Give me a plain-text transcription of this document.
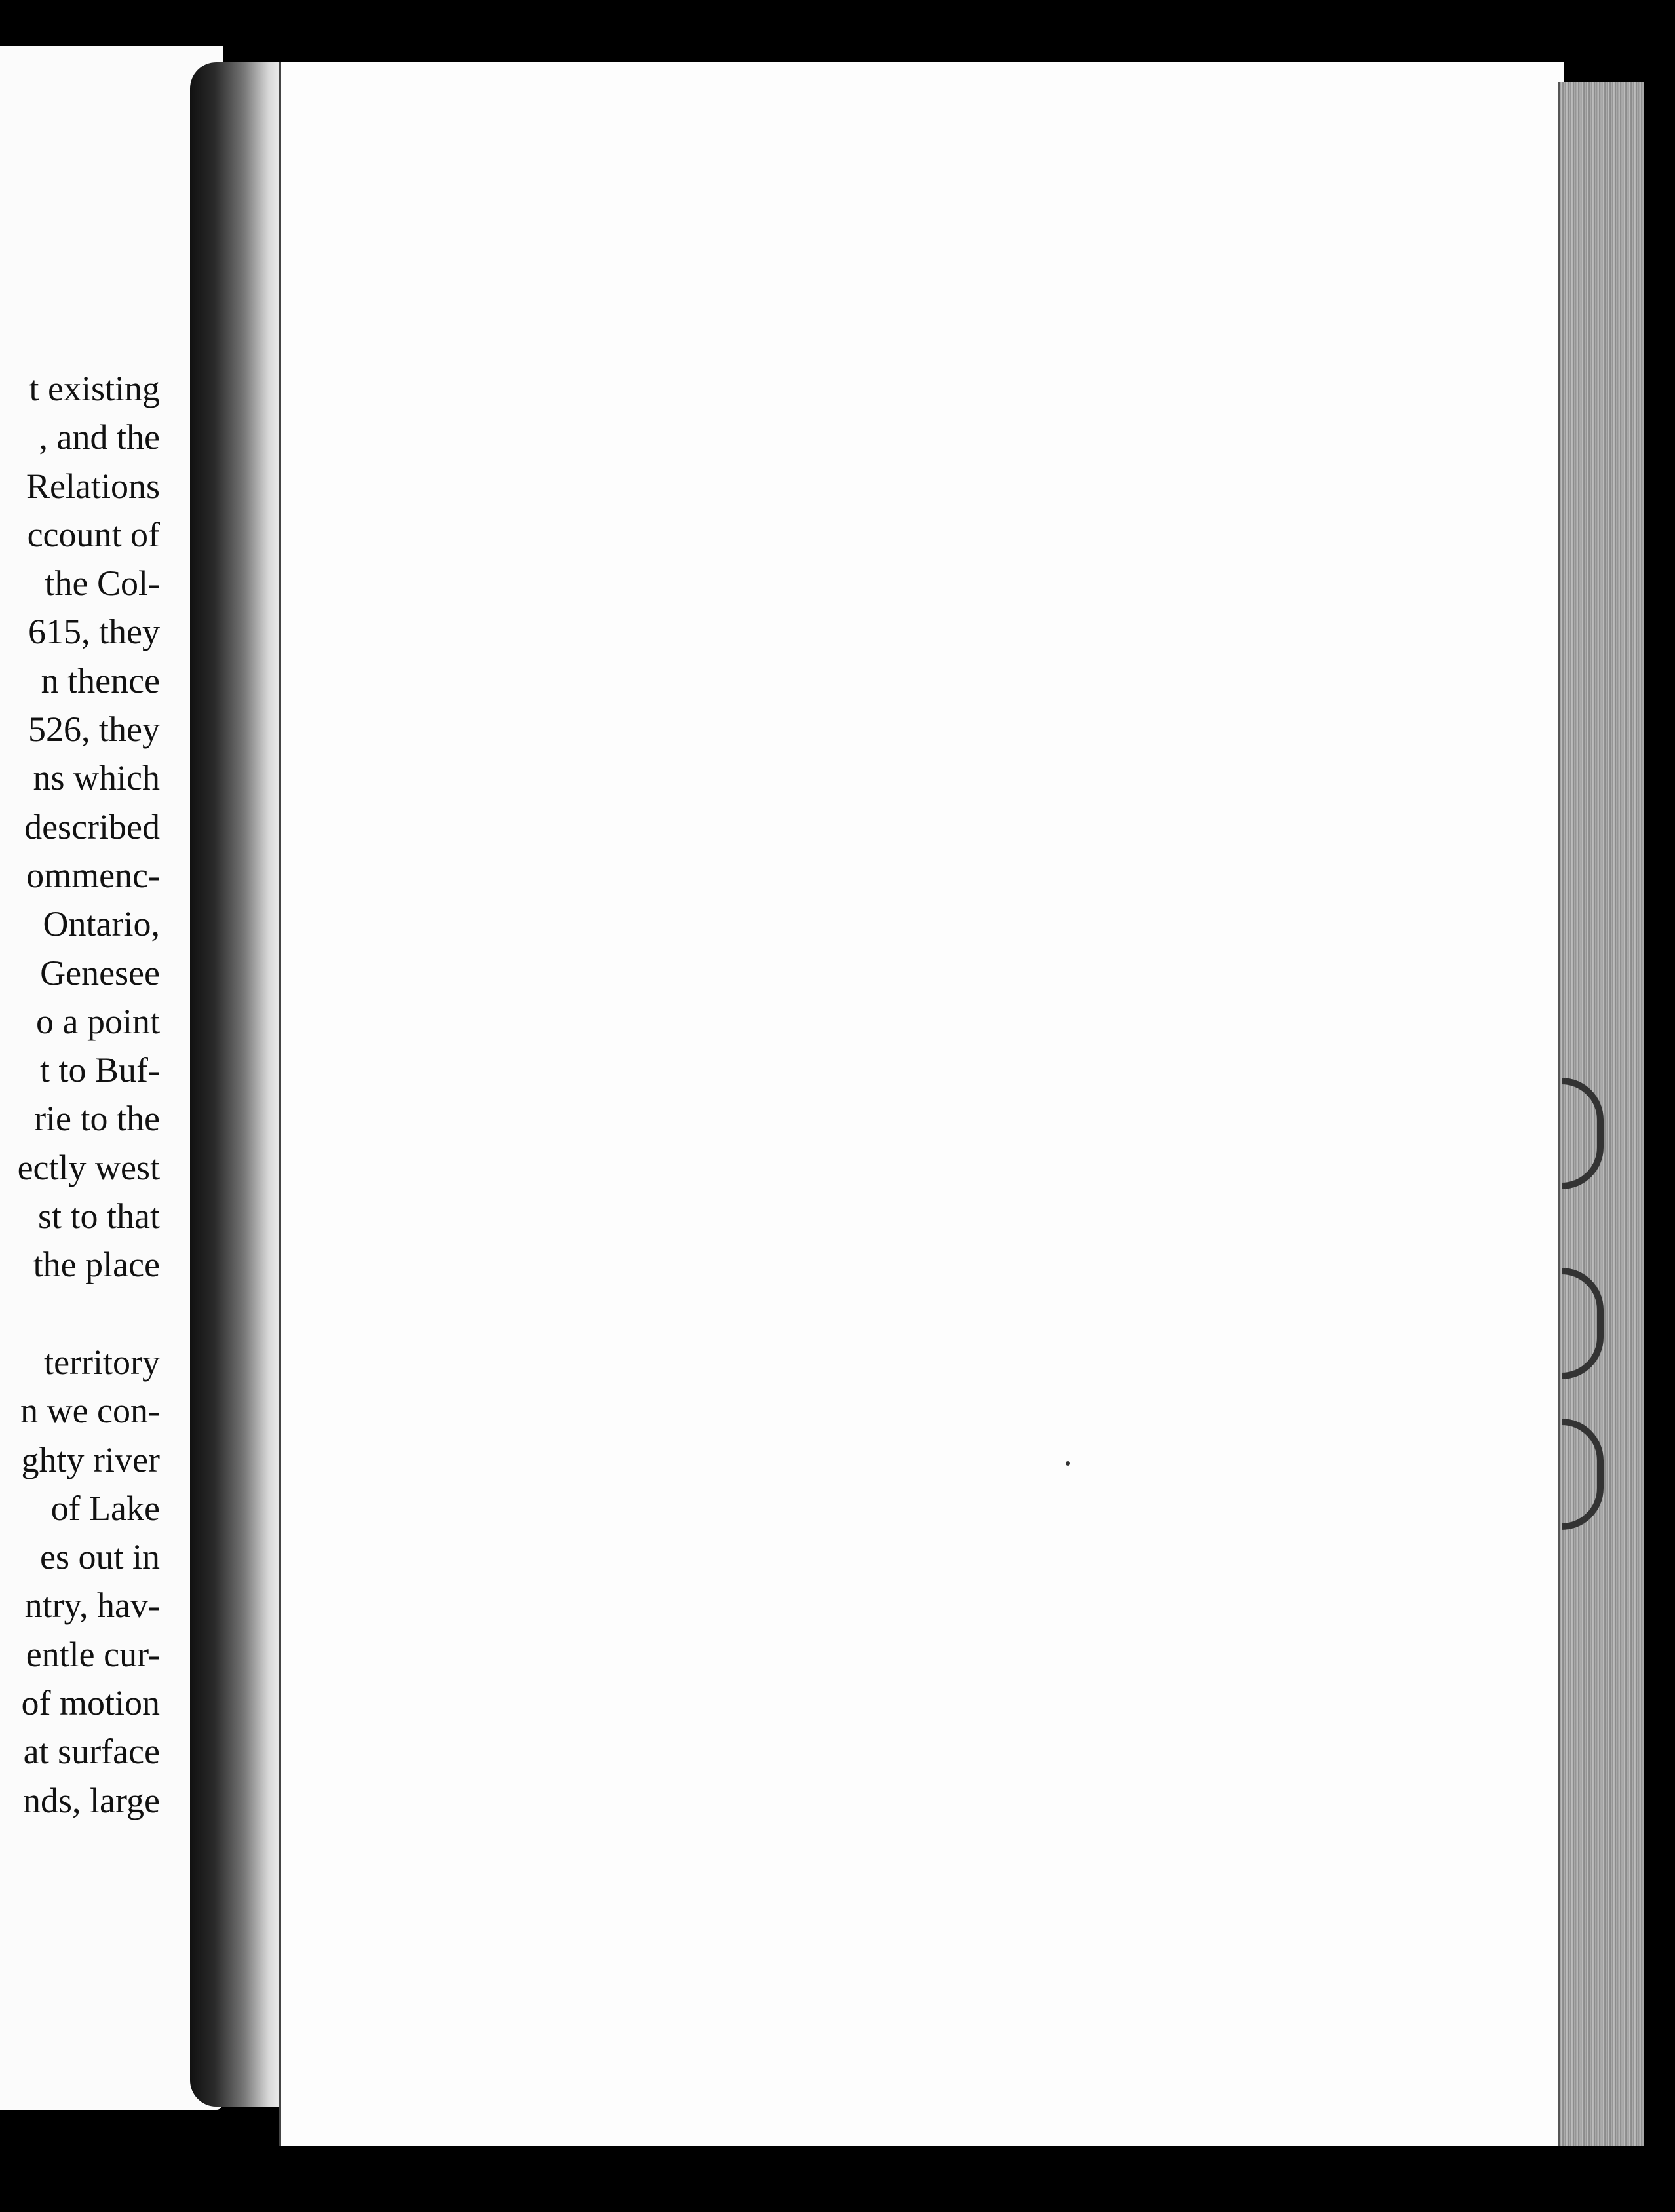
t existing
, and the
Relations
ccount of
the Col-
615, they
n thence
526, they
ns which
described
ommenc-
Ontario,
Genesee
o a point
t to Buf-
rie to the
ectly west
st to that
the place
territory
n we con-
ghty river
of Lake
es out in
ntry, hav-
entle cur-
of motion
at surface
nds, large
